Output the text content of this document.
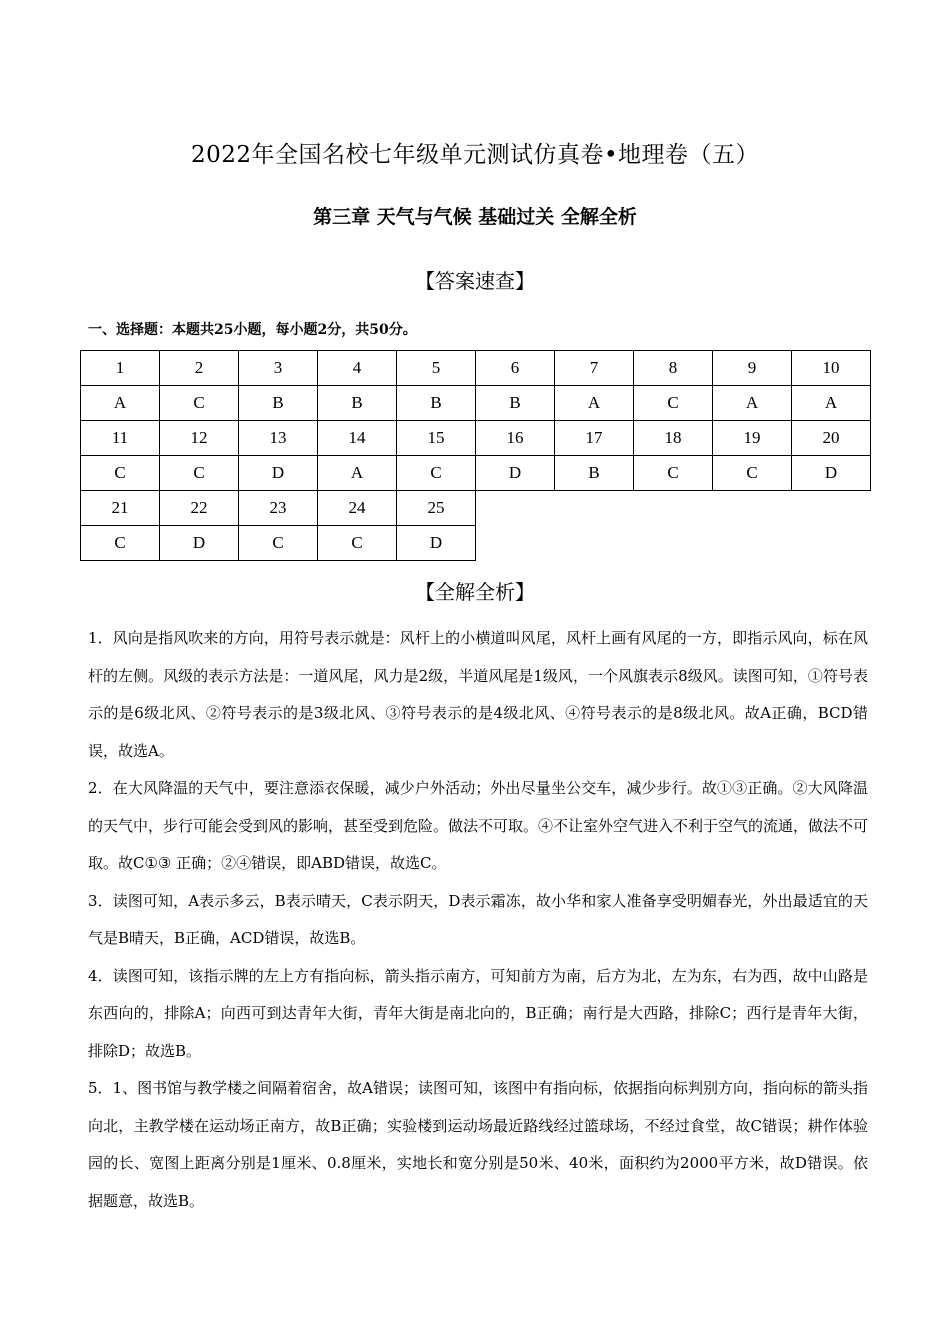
2022年全国名校七年级单元测试仿真卷•地理卷（五）
第三章 天气与气候 基础过关 全解全析
【答案速查】
一、选择题：本题共25小题，每小题2分，共50分。
1	2	3	4	5	6	7	8	9	10
A	C	B	B	B	B	A	C	A	A
11	12	13	14	15	16	17	18	19	20
C	C	D	A	C	D	B	C	C	D
21	22	23	24	25					
C	D	C	C	D					
【全解全析】

1．风向是指风吹来的方向，用符号表示就是：风杆上的小横道叫风尾，风杆上画有风尾的一方，即指示风向，标在风杆的左侧。风级的表示方法是：一道风尾，风力是2级，半道风尾是1级风，一个风旗表示8级风。读图可知，①符号表示的是6级北风、②符号表示的是3级北风、③符号表示的是4级北风、④符号表示的是8级北风。故A正确，BCD错误，故选A。

2．在大风降温的天气中，要注意添衣保暖，减少户外活动；外出尽量坐公交车，减少步行。故①③正确。②大风降温的天气中，步行可能会受到风的影响，甚至受到危险。做法不可取。④不让室外空气进入不利于空气的流通，做法不可取。故C①③ 正确；②④错误，即ABD错误，故选C。

3．读图可知，A表示多云，B表示晴天，C表示阴天，D表示霜冻，故小华和家人准备享受明媚春光，外出最适宜的天气是B晴天，B正确，ACD错误，故选B。

4．读图可知，该指示牌的左上方有指向标，箭头指示南方，可知前方为南，后方为北，左为东，右为西，故中山路是东西向的，排除A；向西可到达青年大街，青年大街是南北向的，B正确；南行是大西路，排除C；西行是青年大街，排除D；故选B。

5．1、图书馆与教学楼之间隔着宿舍，故A错误；读图可知，该图中有指向标，依据指向标判别方向，指向标的箭头指向北，主教学楼在运动场正南方，故B正确；实验楼到运动场最近路线经过篮球场，不经过食堂，故C错误；耕作体验园的长、宽图上距离分别是1厘米、0.8厘米，实地长和宽分别是50米、40米，面积约为2000平方米，故D错误。依据题意，故选B。
